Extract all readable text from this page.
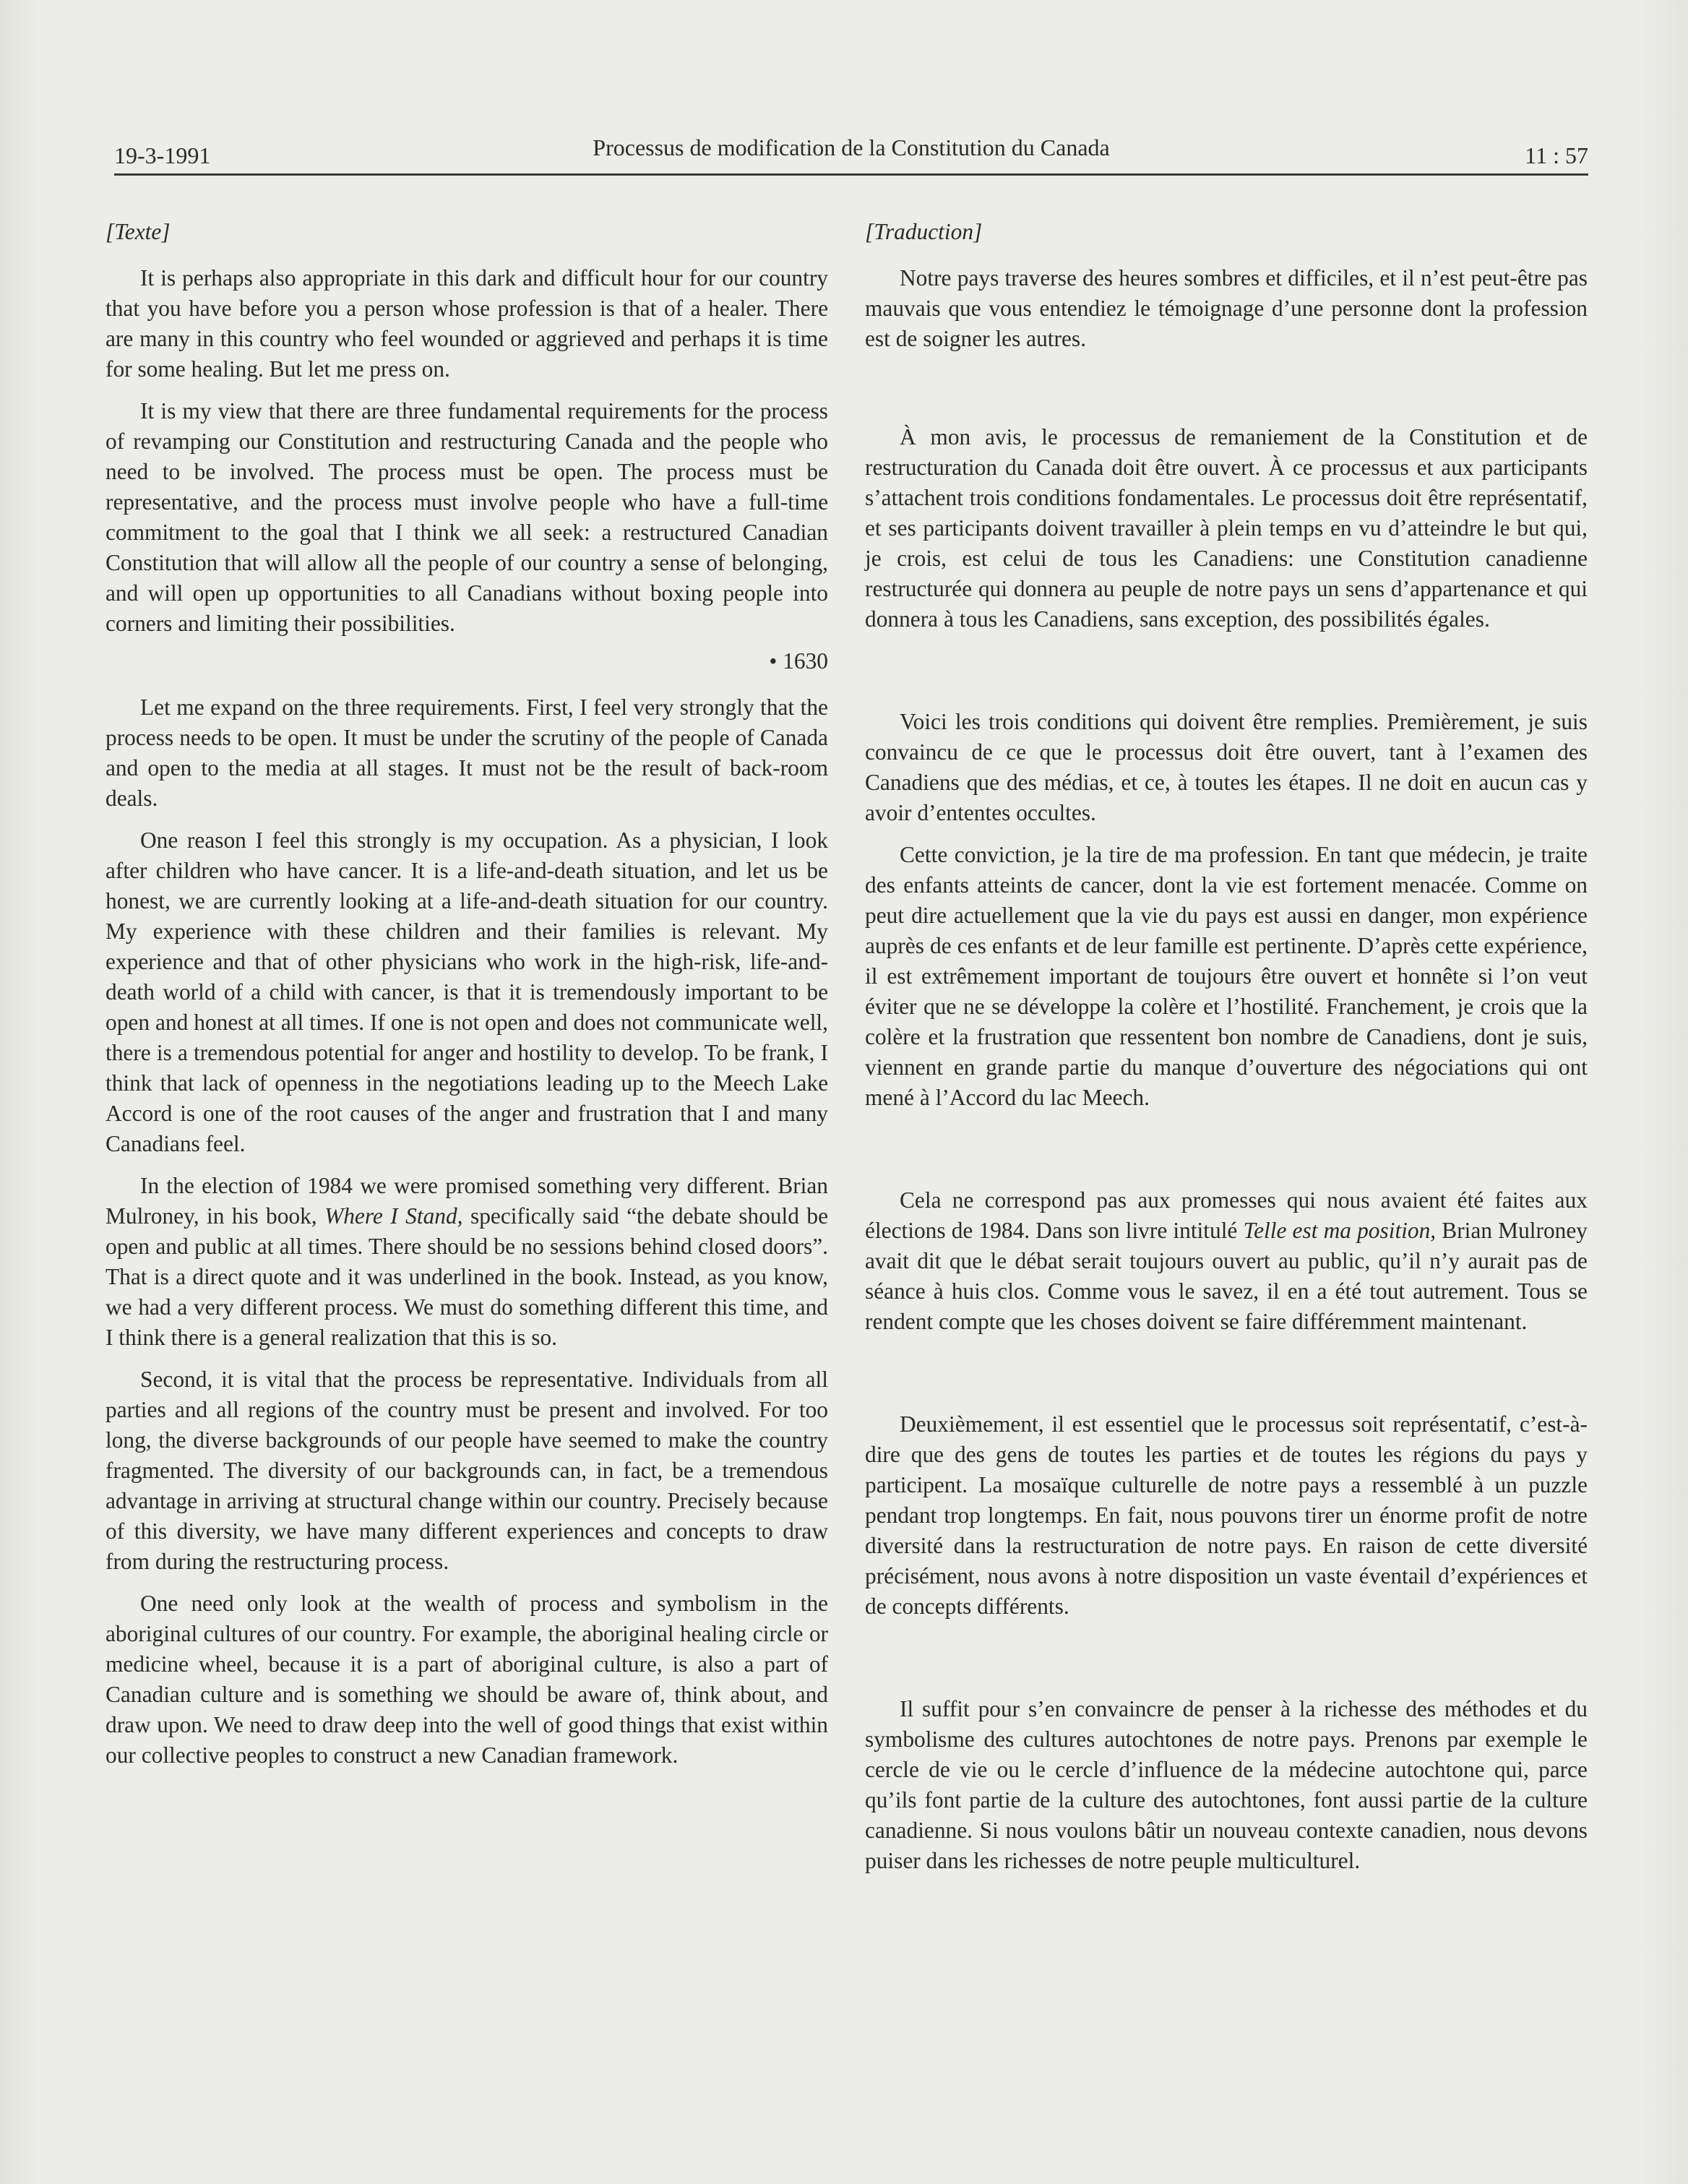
19-3-1991	Processus de modification de la Constitution du Canada	11 : 57
[Texte]

It is perhaps also appropriate in this dark and difficult hour for our country that you have before you a person whose profession is that of a healer. There are many in this country who feel wounded or aggrieved and perhaps it is time for some healing. But let me press on.

It is my view that there are three fundamental requirements for the process of revamping our Constitution and restructuring Canada and the people who need to be involved. The process must be open. The process must be representative, and the process must involve people who have a full-time commitment to the goal that I think we all seek: a restructured Canadian Constitution that will allow all the people of our country a sense of belonging, and will open up opportunities to all Canadians without boxing people into corners and limiting their possibilities.

• 1630

Let me expand on the three requirements. First, I feel very strongly that the process needs to be open. It must be under the scrutiny of the people of Canada and open to the media at all stages. It must not be the result of back-room deals.

One reason I feel this strongly is my occupation. As a physician, I look after children who have cancer. It is a life-and-death situation, and let us be honest, we are currently looking at a life-and-death situation for our country. My experience with these children and their families is relevant. My experience and that of other physicians who work in the high-risk, life-and-death world of a child with cancer, is that it is tremendously important to be open and honest at all times. If one is not open and does not communicate well, there is a tremendous potential for anger and hostility to develop. To be frank, I think that lack of openness in the negotiations leading up to the Meech Lake Accord is one of the root causes of the anger and frustration that I and many Canadians feel.

In the election of 1984 we were promised something very different. Brian Mulroney, in his book, Where I Stand, specifically said “the debate should be open and public at all times. There should be no sessions behind closed doors”. That is a direct quote and it was underlined in the book. Instead, as you know, we had a very different process. We must do something different this time, and I think there is a general realization that this is so.

Second, it is vital that the process be representative. Individuals from all parties and all regions of the country must be present and involved. For too long, the diverse backgrounds of our people have seemed to make the country fragmented. The diversity of our backgrounds can, in fact, be a tremendous advantage in arriving at structural change within our country. Precisely because of this diversity, we have many different experiences and concepts to draw from during the restructuring process.

One need only look at the wealth of process and symbolism in the aboriginal cultures of our country. For example, the aboriginal healing circle or medicine wheel, because it is a part of aboriginal culture, is also a part of Canadian culture and is something we should be aware of, think about, and draw upon. We need to draw deep into the well of good things that exist within our collective peoples to construct a new Canadian framework.

[Traduction]

Notre pays traverse des heures sombres et difficiles, et il n’est peut-être pas mauvais que vous entendiez le témoignage d’une personne dont la profession est de soigner les autres.

À mon avis, le processus de remaniement de la Constitution et de restructuration du Canada doit être ouvert. À ce processus et aux participants s’attachent trois conditions fondamentales. Le processus doit être représentatif, et ses participants doivent travailler à plein temps en vu d’atteindre le but qui, je crois, est celui de tous les Canadiens: une Constitution canadienne restructurée qui donnera au peuple de notre pays un sens d’appartenance et qui donnera à tous les Canadiens, sans exception, des possibilités égales.

Voici les trois conditions qui doivent être remplies. Premièrement, je suis convaincu de ce que le processus doit être ouvert, tant à l’examen des Canadiens que des médias, et ce, à toutes les étapes. Il ne doit en aucun cas y avoir d’ententes occultes.

Cette conviction, je la tire de ma profession. En tant que médecin, je traite des enfants atteints de cancer, dont la vie est fortement menacée. Comme on peut dire actuellement que la vie du pays est aussi en danger, mon expérience auprès de ces enfants et de leur famille est pertinente. D’après cette expérience, il est extrêmement important de toujours être ouvert et honnête si l’on veut éviter que ne se développe la colère et l’hostilité. Franchement, je crois que la colère et la frustration que ressentent bon nombre de Canadiens, dont je suis, viennent en grande partie du manque d’ouverture des négociations qui ont mené à l’Accord du lac Meech.

Cela ne correspond pas aux promesses qui nous avaient été faites aux élections de 1984. Dans son livre intitulé Telle est ma position, Brian Mulroney avait dit que le débat serait toujours ouvert au public, qu’il n’y aurait pas de séance à huis clos. Comme vous le savez, il en a été tout autrement. Tous se rendent compte que les choses doivent se faire différemment maintenant.

Deuxièmement, il est essentiel que le processus soit représentatif, c’est-à-dire que des gens de toutes les parties et de toutes les régions du pays y participent. La mosaïque culturelle de notre pays a ressemblé à un puzzle pendant trop longtemps. En fait, nous pouvons tirer un énorme profit de notre diversité dans la restructuration de notre pays. En raison de cette diversité précisément, nous avons à notre disposition un vaste éventail d’expériences et de concepts différents.

Il suffit pour s’en convaincre de penser à la richesse des méthodes et du symbolisme des cultures autochtones de notre pays. Prenons par exemple le cercle de vie ou le cercle d’influence de la médecine autochtone qui, parce qu’ils font partie de la culture des autochtones, font aussi partie de la culture canadienne. Si nous voulons bâtir un nouveau contexte canadien, nous devons puiser dans les richesses de notre peuple multiculturel.
